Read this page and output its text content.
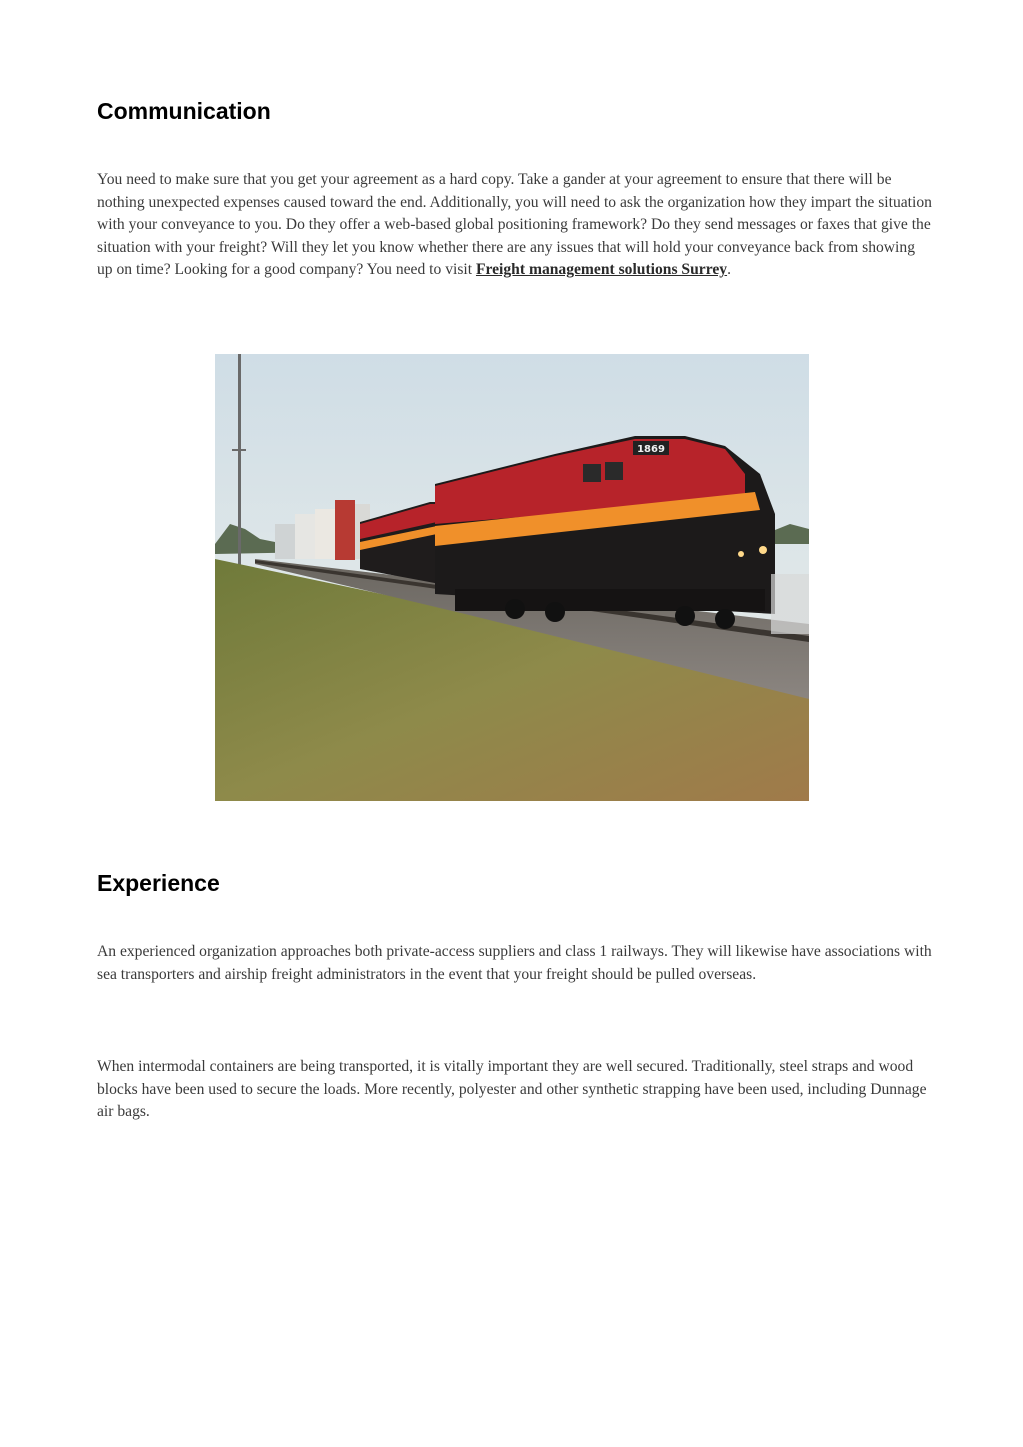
Communication

You need to make sure that you get your agreement as a hard copy. Take a gander at your agreement to ensure that there will be nothing unexpected expenses caused toward the end. Additionally, you will need to ask the organization how they impart the situation with your conveyance to you. Do they offer a web-based global positioning framework? Do they send messages or faxes that give the situation with your freight? Will they let you know whether there are any issues that will hold your conveyance back from showing up on time? Looking for a good company? You need to visit Freight management solutions Surrey.

1869
Experience

An experienced organization approaches both private-access suppliers and class 1 railways. They will likewise have associations with sea transporters and airship freight administrators in the event that your freight should be pulled overseas.

When intermodal containers are being transported, it is vitally important they are well secured. Traditionally, steel straps and wood blocks have been used to secure the loads. More recently, polyester and other synthetic strapping have been used, including Dunnage air bags.
